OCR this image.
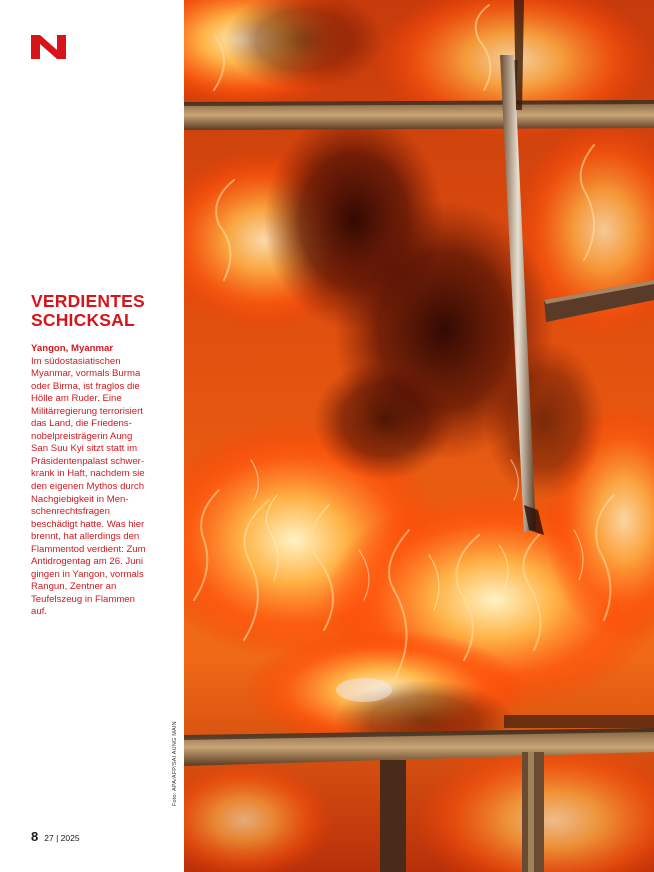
VERDIENTES
SCHICKSAL
Yangon, Myanmar
Im südostasiatischen
Myanmar, vormals Burma
oder Birma, ist fraglos die
Hölle am Ruder. Eine
Militärregierung terrorisiert
das Land, die Friedens-
nobelpreisträgerin Aung
San Suu Kyi sitzt statt im
Präsidentenpalast schwer-
krank in Haft, nachdem sie
den eigenen Mythos durch
Nachgiebigkeit in Men-
schenrechtsfragen
beschädigt hatte. Was hier
brennt, hat allerdings den
Flammentod verdient: Zum
Antidrogentag am 26. Juni
gingen in Yangon, vormals
Rangun, Zentner an
Teufelszeug in Flammen
auf.
Foto: APA/AFP/SAI AUNG MAIN
8 27 | 2025
